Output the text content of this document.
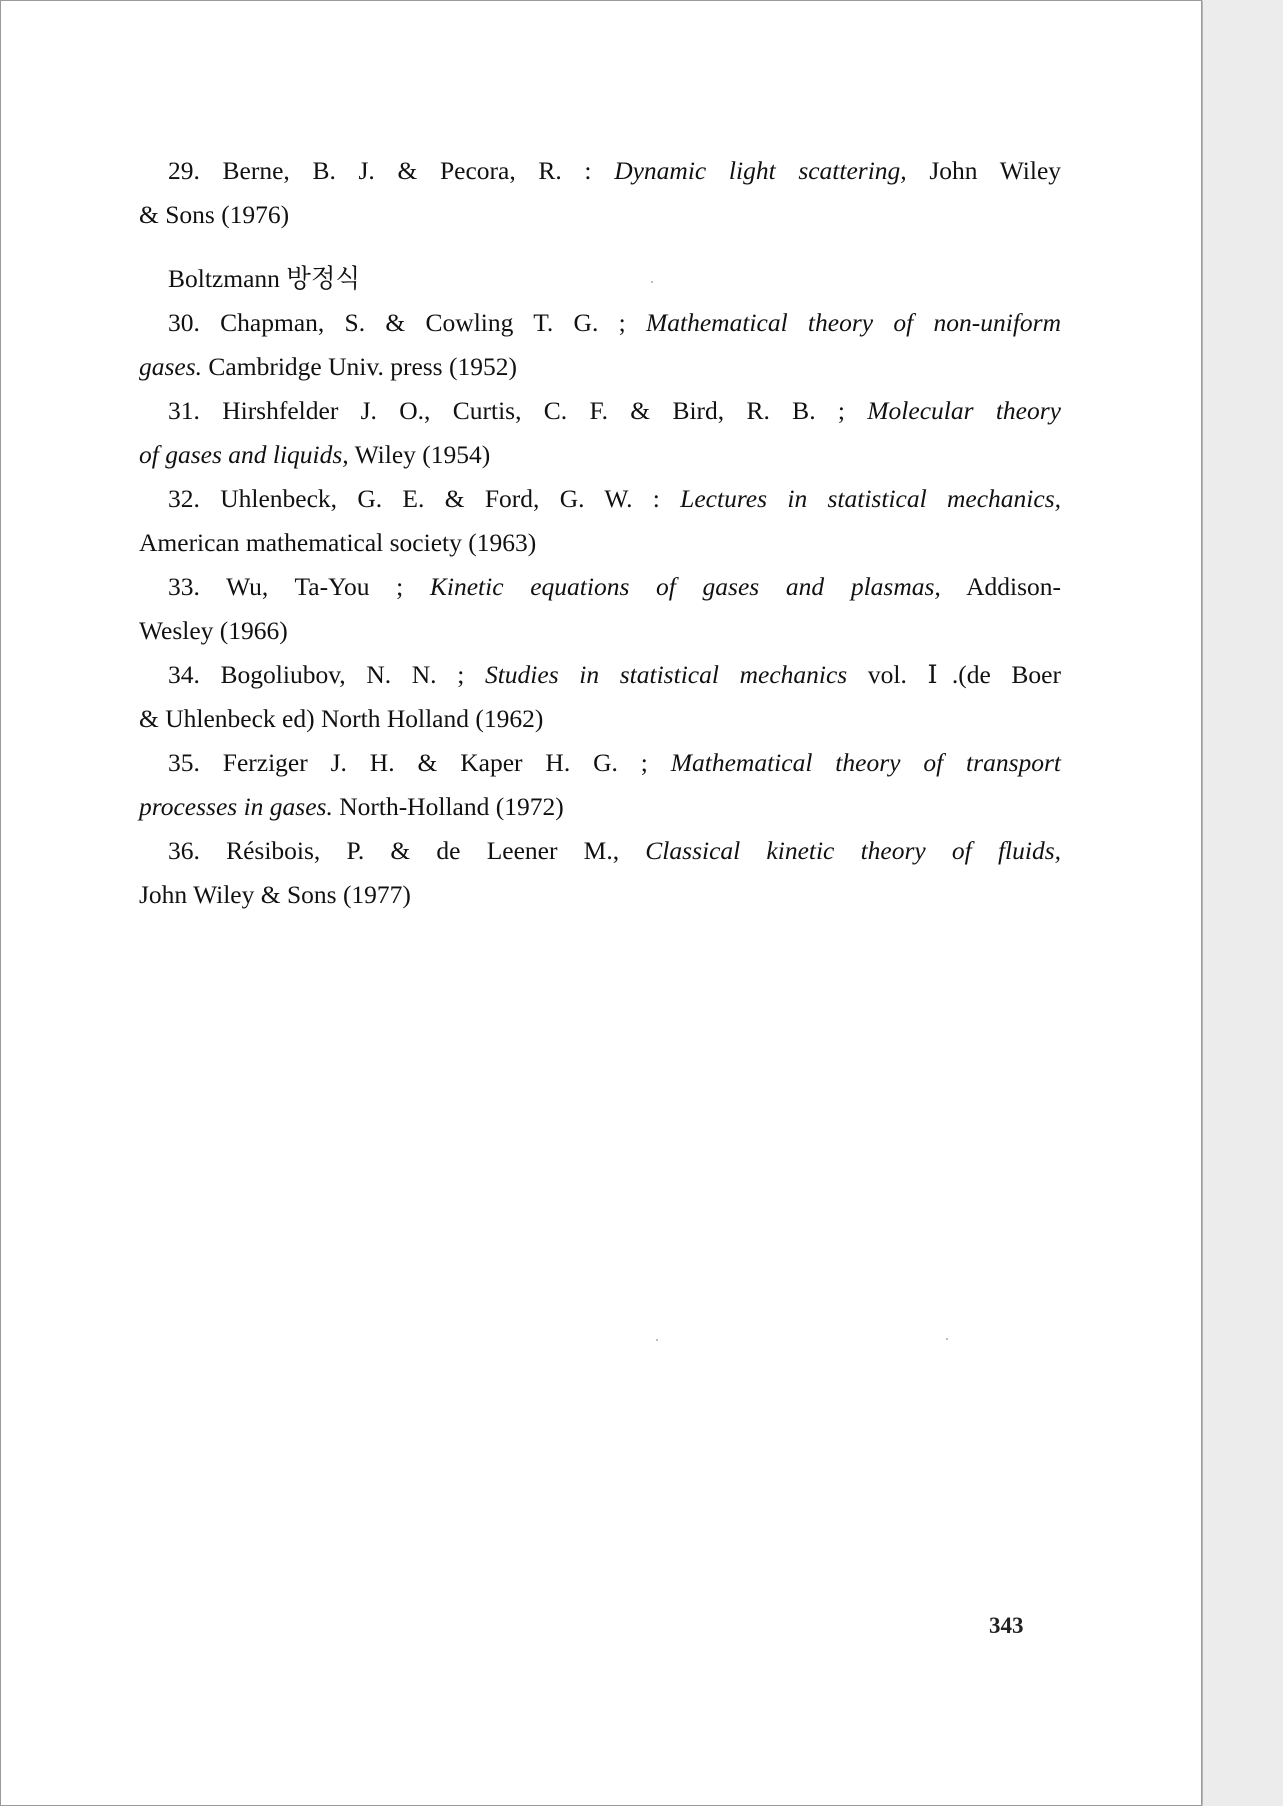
29. Berne, B. J. & Pecora, R. : Dynamic light scattering, John Wiley
& Sons (1976)

Boltzmann 방정식

30. Chapman, S. & Cowling T. G. ; Mathematical theory of non-uniform
gases. Cambridge Univ. press (1952)

31. Hirshfelder J. O., Curtis, C. F. & Bird, R. B. ; Molecular theory
of gases and liquids, Wiley (1954)

32. Uhlenbeck, G. E. & Ford, G. W. : Lectures in statistical mechanics,
American mathematical society (1963)

33. Wu, Ta-You ; Kinetic equations of gases and plasmas, Addison-
Wesley (1966)

34. Bogoliubov, N. N. ; Studies in statistical mechanics vol. Ⅰ.(de Boer
& Uhlenbeck ed) North Holland (1962)

35. Ferziger J. H. & Kaper H. G. ; Mathematical theory of transport
processes in gases. North-Holland (1972)

36. Résibois, P. & de Leener M., Classical kinetic theory of fluids,
John Wiley & Sons (1977)

343
